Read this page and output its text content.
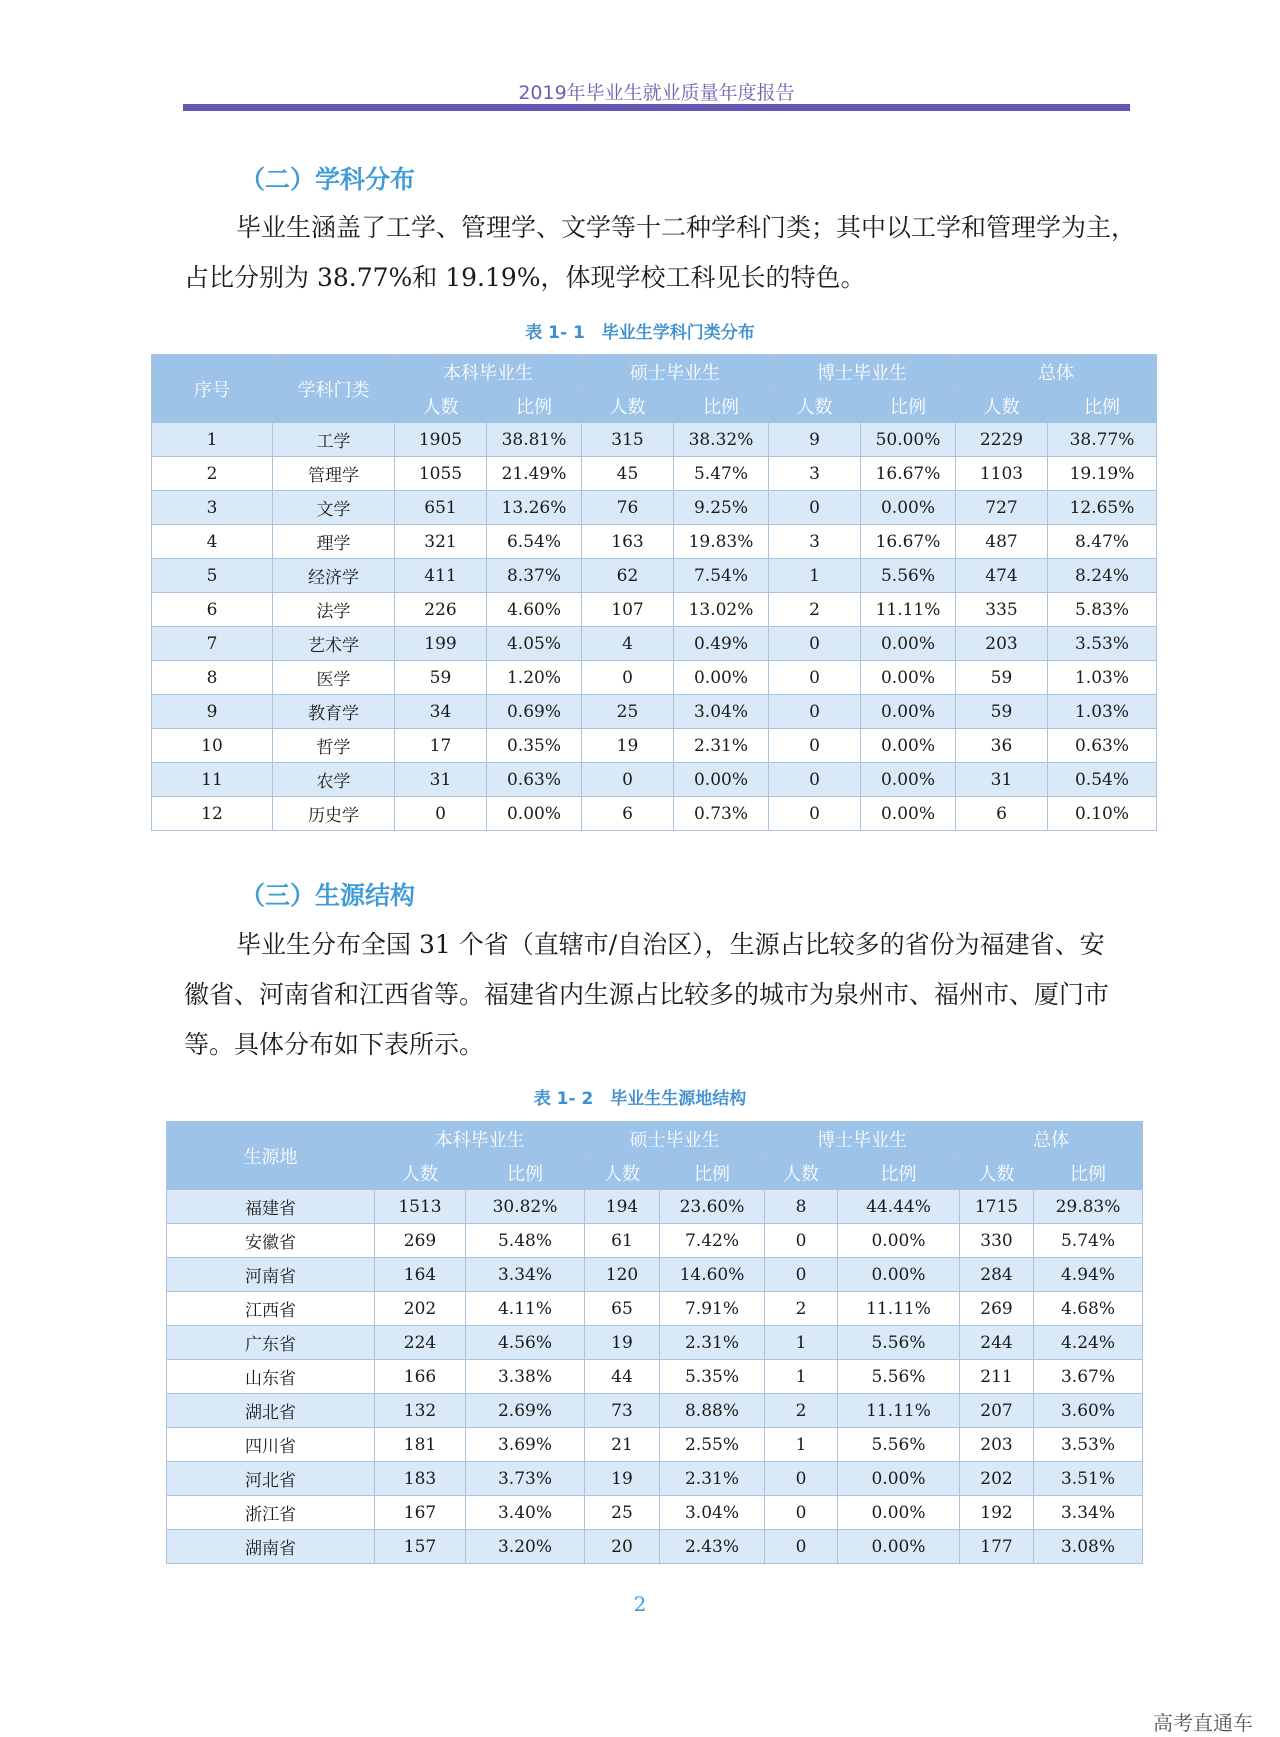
2019年毕业生就业质量年度报告
（二）学科分布

毕业生涵盖了工学、管理学、文学等十二种学科门类；其中以工学和管理学为主，
占比分别为 38.77%和 19.19%，体现学校工科见长的特色。

表 1- 1　毕业生学科门类分布
序号	学科门类	本科毕业生		硕士毕业生		博士毕业生		总体	
		人数	比例	人数	比例	人数	比例	人数	比例
1	工学	1905	38.81%	315	38.32%	9	50.00%	2229	38.77%
2	管理学	1055	21.49%	45	5.47%	3	16.67%	1103	19.19%
3	文学	651	13.26%	76	9.25%	0	0.00%	727	12.65%
4	理学	321	6.54%	163	19.83%	3	16.67%	487	8.47%
5	经济学	411	8.37%	62	7.54%	1	5.56%	474	8.24%
6	法学	226	4.60%	107	13.02%	2	11.11%	335	5.83%
7	艺术学	199	4.05%	4	0.49%	0	0.00%	203	3.53%
8	医学	59	1.20%	0	0.00%	0	0.00%	59	1.03%
9	教育学	34	0.69%	25	3.04%	0	0.00%	59	1.03%
10	哲学	17	0.35%	19	2.31%	0	0.00%	36	0.63%
11	农学	31	0.63%	0	0.00%	0	0.00%	31	0.54%
12	历史学	0	0.00%	6	0.73%	0	0.00%	6	0.10%
（三）生源结构

毕业生分布全国 31 个省（直辖市/自治区），生源占比较多的省份为福建省、安
徽省、河南省和江西省等。福建省内生源占比较多的城市为泉州市、福州市、厦门市
等。具体分布如下表所示。

表 1- 2　毕业生生源地结构
生源地	本科毕业生		硕士毕业生		博士毕业生		总体	
	人数	比例	人数	比例	人数	比例	人数	比例
福建省	1513	30.82%	194	23.60%	8	44.44%	1715	29.83%
安徽省	269	5.48%	61	7.42%	0	0.00%	330	5.74%
河南省	164	3.34%	120	14.60%	0	0.00%	284	4.94%
江西省	202	4.11%	65	7.91%	2	11.11%	269	4.68%
广东省	224	4.56%	19	2.31%	1	5.56%	244	4.24%
山东省	166	3.38%	44	5.35%	1	5.56%	211	3.67%
湖北省	132	2.69%	73	8.88%	2	11.11%	207	3.60%
四川省	181	3.69%	21	2.55%	1	5.56%	203	3.53%
河北省	183	3.73%	19	2.31%	0	0.00%	202	3.51%
浙江省	167	3.40%	25	3.04%	0	0.00%	192	3.34%
湖南省	157	3.20%	20	2.43%	0	0.00%	177	3.08%
2
高考直通车
